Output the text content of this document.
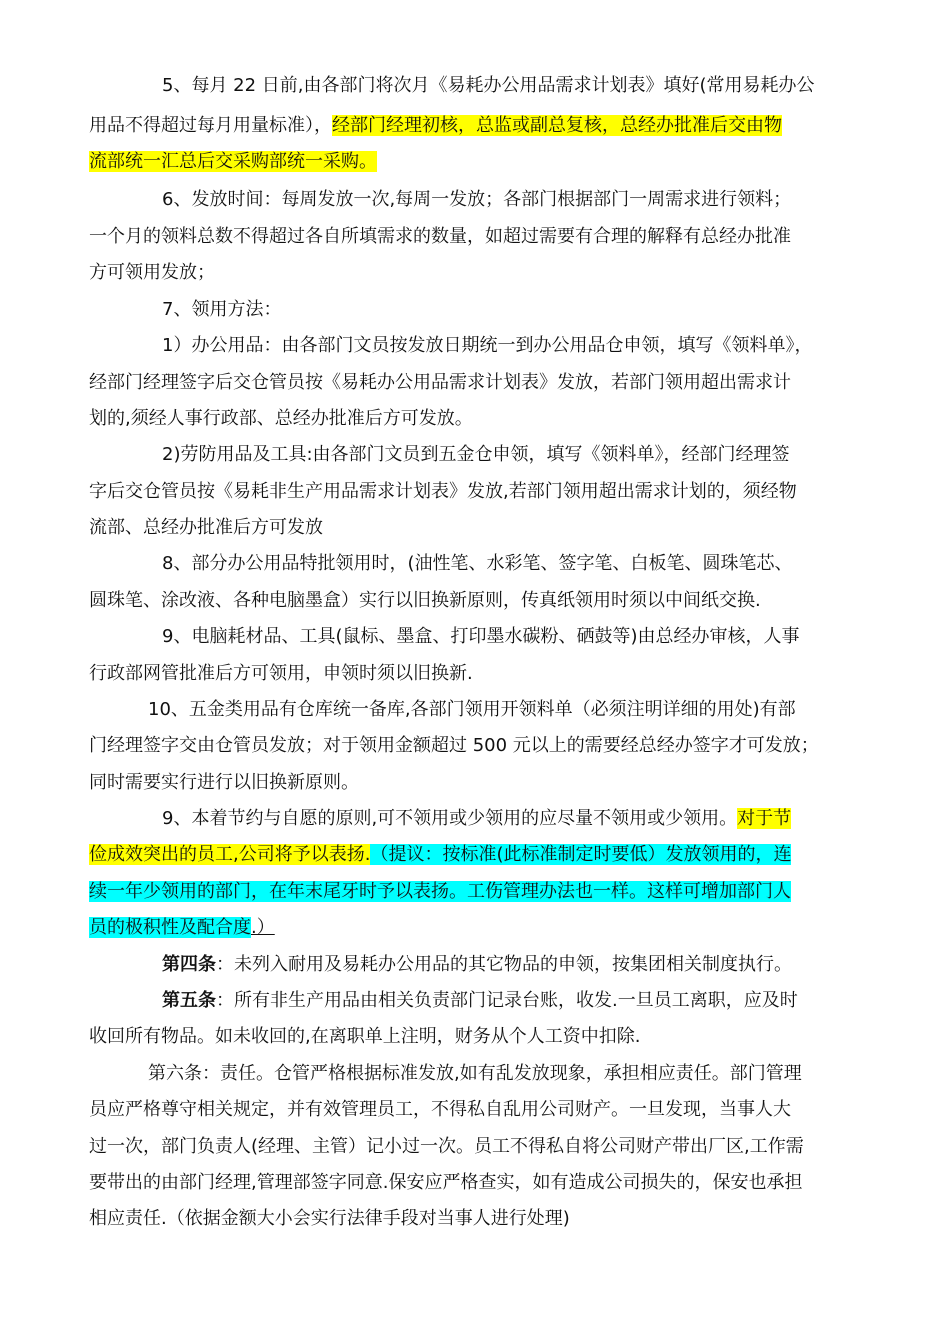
5、每月 22 日前,由各部门将次月《易耗办公用品需求计划表》填好(常用易耗办公
用品不得超过每月用量标准），经部门经理初核，总监或副总复核，总经办批准后交由物
流部统一汇总后交采购部统一采购。
6、发放时间：每周发放一次,每周一发放；各部门根据部门一周需求进行领料；
一个月的领料总数不得超过各自所填需求的数量，如超过需要有合理的解释有总经办批准
方可领用发放；
7、领用方法：
1）办公用品：由各部门文员按发放日期统一到办公用品仓申领，填写《领料单》，
经部门经理签字后交仓管员按《易耗办公用品需求计划表》发放，若部门领用超出需求计
划的,须经人事行政部、总经办批准后方可发放。
2)劳防用品及工具:由各部门文员到五金仓申领，填写《领料单》，经部门经理签
字后交仓管员按《易耗非生产用品需求计划表》发放,若部门领用超出需求计划的，须经物
流部、总经办批准后方可发放
8、部分办公用品特批领用时，(油性笔、水彩笔、签字笔、白板笔、圆珠笔芯、
圆珠笔、涂改液、各种电脑墨盒）实行以旧换新原则，传真纸领用时须以中间纸交换.
9、电脑耗材品、工具(鼠标、墨盒、打印墨水碳粉、硒鼓等)由总经办审核，人事
行政部网管批准后方可领用，申领时须以旧换新.
10、五金类用品有仓库统一备库,各部门领用开领料单（必须注明详细的用处)有部
门经理签字交由仓管员发放；对于领用金额超过 500 元以上的需要经总经办签字才可发放；
同时需要实行进行以旧换新原则。
9、本着节约与自愿的原则,可不领用或少领用的应尽量不领用或少领用。对于节
俭成效突出的员工,公司将予以表扬.（提议：按标准(此标准制定时要低）发放领用的，连
续一年少领用的部门，在年末尾牙时予以表扬。工伤管理办法也一样。这样可增加部门人
员的极积性及配合度.）
第四条：未列入耐用及易耗办公用品的其它物品的申领，按集团相关制度执行。
第五条：所有非生产用品由相关负责部门记录台账，收发.一旦员工离职，应及时
收回所有物品。如未收回的,在离职单上注明，财务从个人工资中扣除.
第六条：责任。仓管严格根据标准发放,如有乱发放现象，承担相应责任。部门管理
员应严格尊守相关规定，并有效管理员工，不得私自乱用公司财产。一旦发现，当事人大
过一次，部门负责人(经理、主管）记小过一次。员工不得私自将公司财产带出厂区,工作需
要带出的由部门经理,管理部签字同意.保安应严格查实，如有造成公司损失的，保安也承担
相应责任.（依据金额大小会实行法律手段对当事人进行处理)
